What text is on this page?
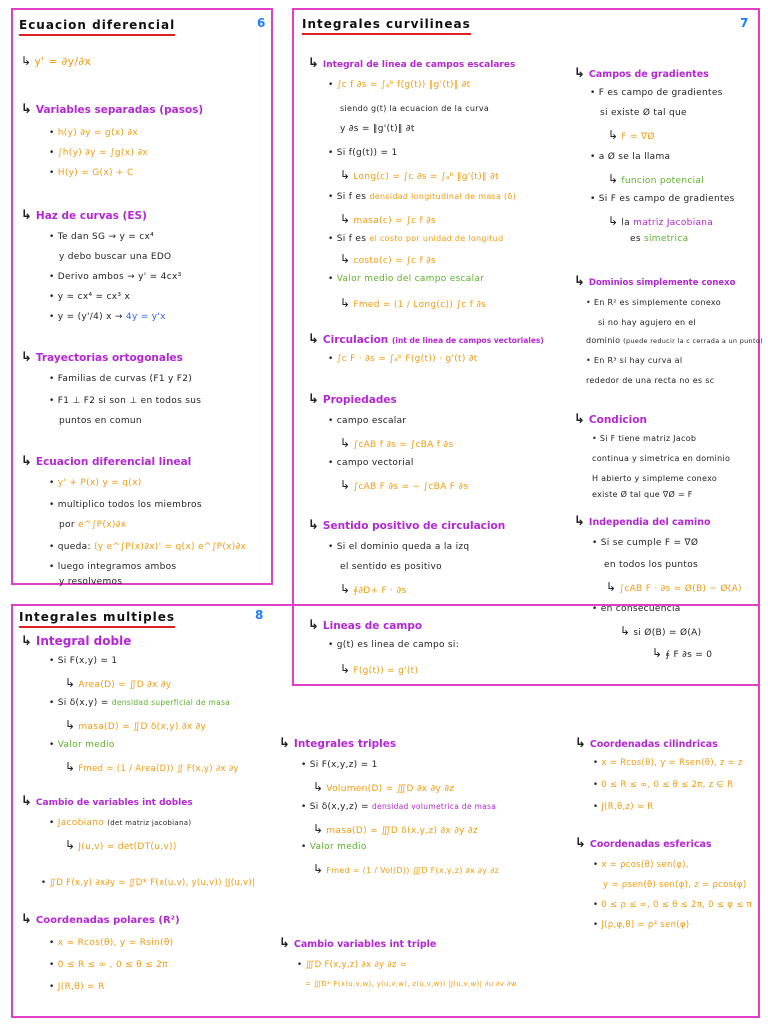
Ecuacion diferencial	6
↳ y' = ∂y/∂x
↳ Variables separadas (pasos)
• h(y) ∂y = g(x) ∂x
• ∫h(y) ∂y = ∫g(x) ∂x
• H(y) = G(x) + C
↳ Haz de curvas (ES)
• Te dan SG → y = cx⁴
y debo buscar una EDO
• Derivo ambos → y' = 4cx³
• y = cx⁴ = cx³ x
• y = (y'/4) x → 4y = y'x
↳ Trayectorias ortogonales
• Familias de curvas (F1 y F2)
• F1 ⊥ F2 si son ⊥ en todos sus
puntos en comun
↳ Ecuacion diferencial lineal
• y' + P(x) y = q(x)
• multiplico todos los miembros
por e^∫P(x)∂x
• queda: (y e^∫P(x)∂x)' = q(x) e^∫P(x)∂x
• luego integramos ambos
y resolvemos
Integrales curvilineas	7
↳ Integral de linea de campos escalares
• ∫c f ∂s = ∫ₐᵇ f(g(t)) ‖g'(t)‖ ∂t
siendo g(t) la ecuacion de la curva
y ∂s = ‖g'(t)‖ ∂t
• Si f(g(t)) = 1
↳ Long(c) = ∫c ∂s = ∫ₐᵇ ‖g'(t)‖ ∂t
• Si f es densidad longitudinal de masa (δ)
↳ masa(c) = ∫c f ∂s
• Si f es el costo por unidad de longitud
↳ costo(c) = ∫c f ∂s
• Valor medio del campo escalar
↳ Fmed = (1 / Long(c)) ∫c f ∂s
↳ Circulacion (int de linea de campos vectoriales)
• ∫c F · ∂s = ∫ₐᵇ F(g(t)) · g'(t) ∂t
↳ Propiedades
• campo escalar
↳ ∫cAB f ∂s = ∫cBA f ∂s
• campo vectorial
↳ ∫cAB F ∂s = − ∫cBA F ∂s
↳ Sentido positivo de circulacion
• Si el dominio queda a la izq
el sentido es positivo
↳ ∮∂D+ F · ∂s
↳ Lineas de campo
• g(t) es linea de campo si:
↳ F(g(t)) = g'(t)
↳ Campos de gradientes
• F es campo de gradientes
si existe Ø tal que
↳ F = ∇Ø
• a Ø se la llama
↳ funcion potencial
• Si F es campo de gradientes
↳ la matriz Jacobiana
es simetrica
↳ Dominios simplemente conexo
• En R² es simplemente conexo
si no hay agujero en el
dominio (puede reducir la c cerrada a un punto)
• En R³ si hay curva al
rededor de una recta no es sc
↳ Condicion
• Si F tiene matriz Jacob
continua y simetrica en dominio
H abierto y simpleme conexo
existe Ø tal que ∇Ø = F
↳ Independia del camino
• Si se cumple F = ∇Ø
en todos los puntos
↳ ∫cAB F · ∂s = Ø(B) − Ø(A)
• en consecuencia
↳ si Ø(B) = Ø(A)
↳ ∮ F ∂s = 0
Integrales multiples	8
↳ Integral doble
• Si F(x,y) = 1
↳ Area(D) = ∬D ∂x ∂y
• Si δ(x,y) = densidad superficial de masa
↳ masa(D) = ∬D δ(x,y) ∂x ∂y
• Valor medio
↳ Fmed = (1 / Area(D)) ∬ F(x,y) ∂x ∂y
↳ Cambio de variables int dobles
• Jacobiano (det matriz jacobiana)
↳ J(u,v) = det(DT(u,v))
• ∬D F(x,y) ∂x∂y = ∬D* F(x(u,v), y(u,v)) |J(u,v)|
↳ Coordenadas polares (R²)
• x = Rcos(θ), y = Rsin(θ)
• 0 ≤ R ≤ ∞ , 0 ≤ θ ≤ 2π
• J(R,θ) = R
↳ Integrales triples
• Si F(x,y,z) = 1
↳ Volumen(D) = ∭D ∂x ∂y ∂z
• Si δ(x,y,z) = densidad volumetrica de masa
↳ masa(D) = ∭D δ(x,y,z) ∂x ∂y ∂z
• Valor medio
↳ Fmed = (1 / Vol(D)) ∭D F(x,y,z) ∂x ∂y ∂z
↳ Cambio variables int triple
• ∭D F(x,y,z) ∂x ∂y ∂z =
= ∭D* F(x(u,v,w), y(u,v,w), z(u,v,w)) |J(u,v,w)| ∂u ∂v ∂w
↳ Coordenadas cilindricas
• x = Rcos(θ), y = Rsen(θ), z = z
• 0 ≤ R ≤ ∞, 0 ≤ θ ≤ 2π, z ∈ R
• J(R,θ,z) = R
↳ Coordenadas esfericas
• x = ρcos(θ) sen(φ),
y = ρsen(θ) sen(φ), z = ρcos(φ)
• 0 ≤ ρ ≤ ∞, 0 ≤ θ ≤ 2π, 0 ≤ φ ≤ π
• J(ρ,φ,θ) = ρ² sen(φ)
